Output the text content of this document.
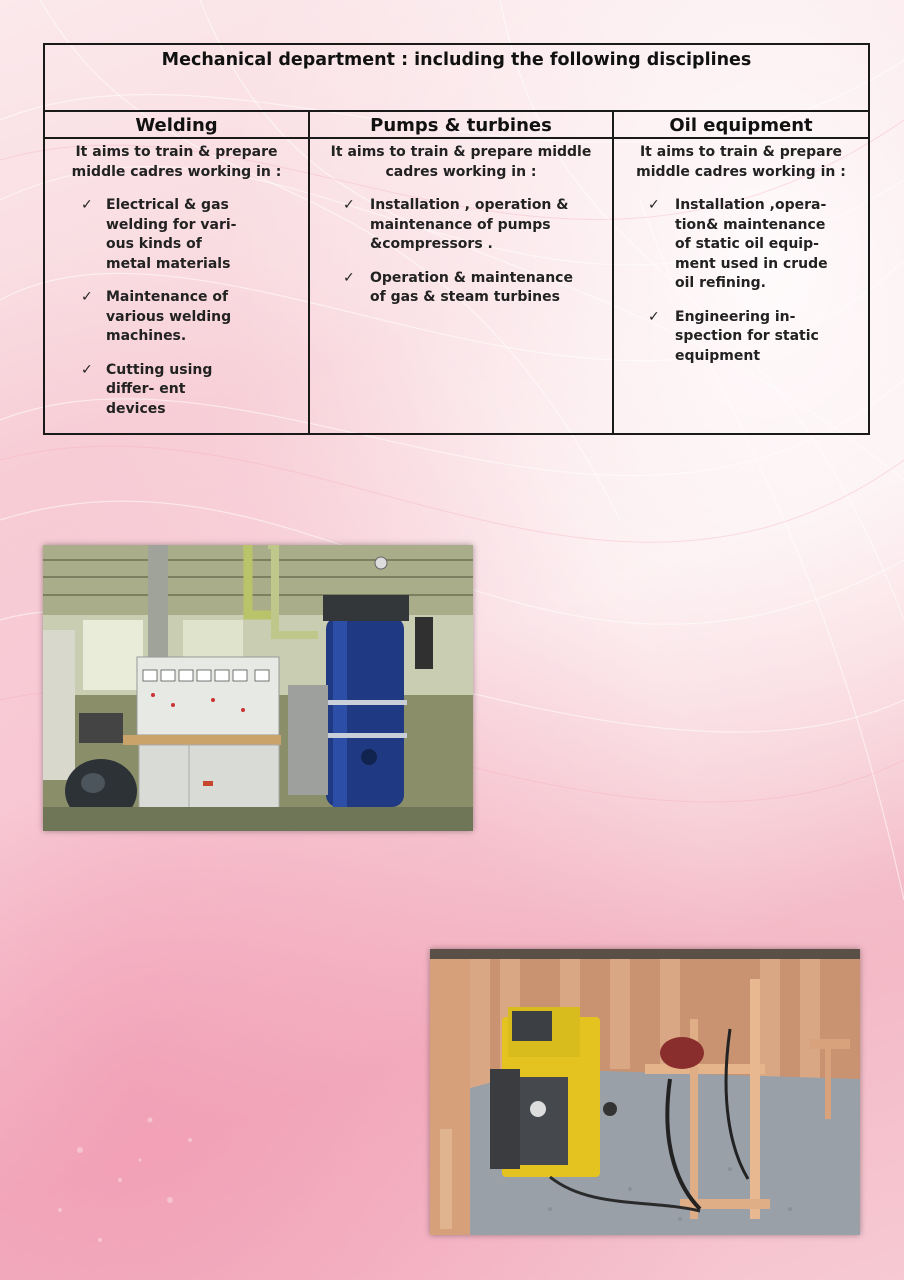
Mechanical department : including the following disciplines
Welding
It aims to train & prepare middle cadres working in :
✓ Electrical & gas welding for vari- ous kinds of metal materials
✓ Maintenance of various welding machines.
✓ Cutting using differ- ent devices
Pumps & turbines
It aims to train & prepare middle cadres working in :
✓ Installation , operation & maintenance of pumps &compressors .
✓ Operation & maintenance of gas & steam turbines
Oil equipment
It aims to train & prepare middle cadres working in :
✓ Installation ,opera- tion& maintenance of static oil equip- ment used in crude oil refining.
✓ Engineering in- spection for static equipment
